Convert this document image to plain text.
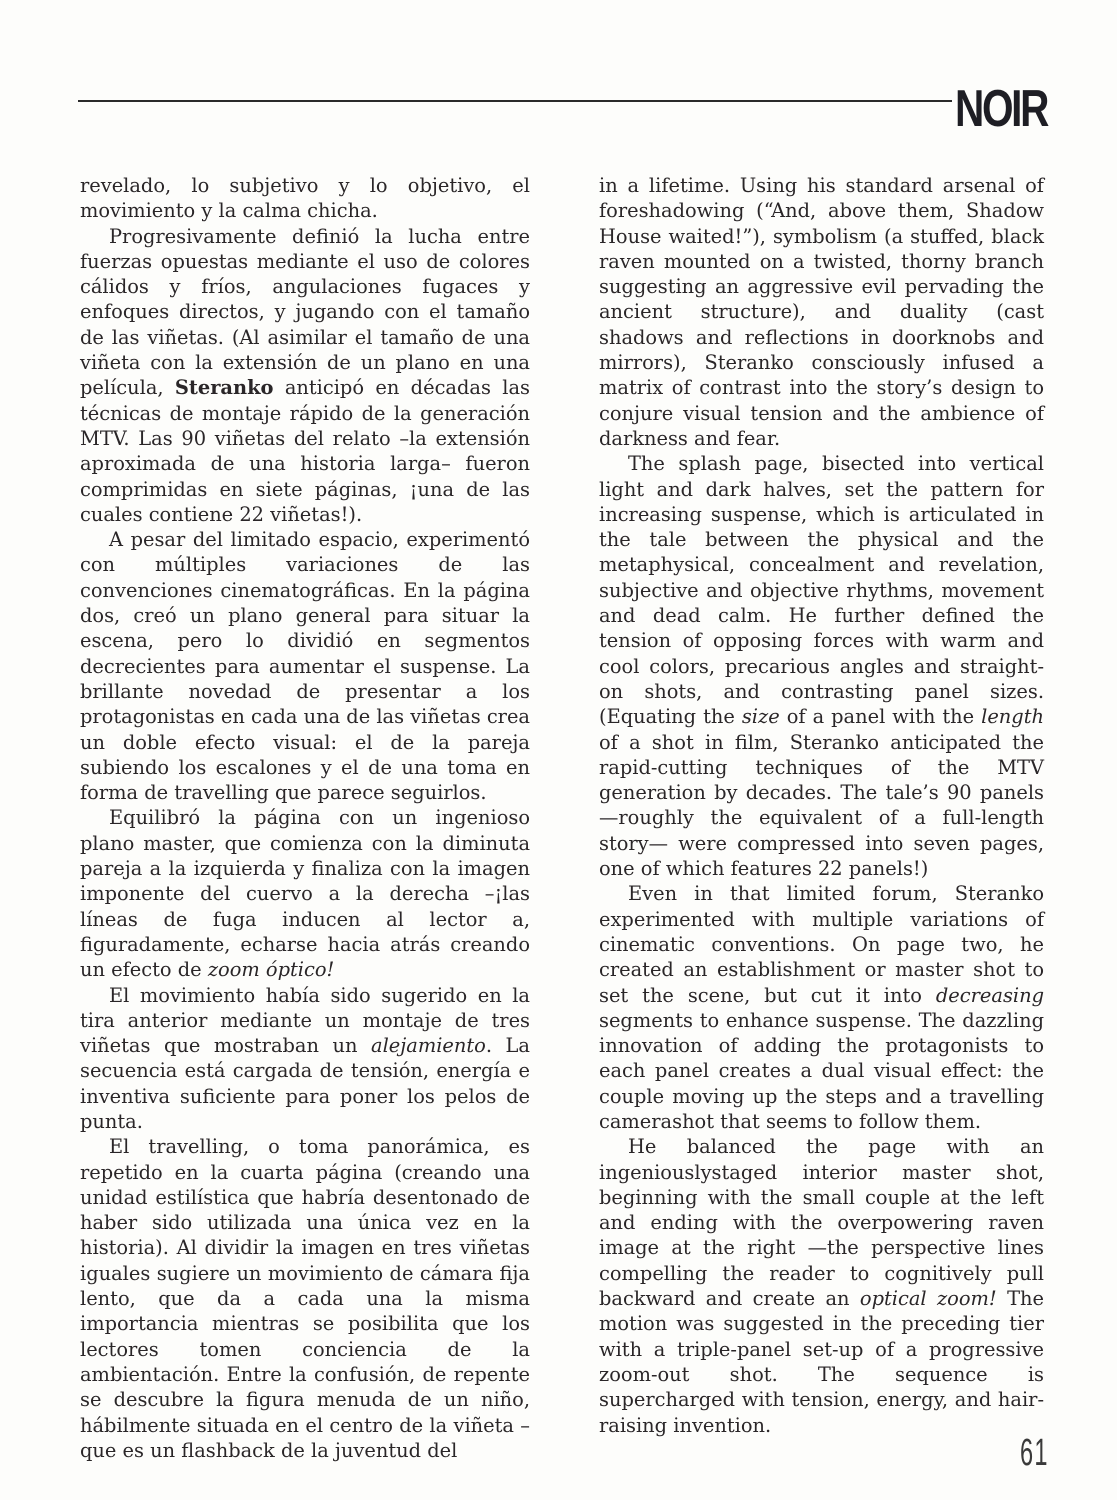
NOIR

revelado, lo subjetivo y lo objetivo, el movimiento y la calma chicha.

Progresivamente definió la lucha entre fuerzas opuestas mediante el uso de colores cálidos y fríos, angulaciones fugaces y enfoques directos, y jugando con el tamaño de las viñetas. (Al asimilar el tamaño de una viñeta con la extensión de un plano en una película, Steranko anticipó en décadas las técnicas de montaje rápido de la generación MTV. Las 90 viñetas del relato –la extensión aproximada de una historia larga– fueron comprimidas en siete páginas, ¡una de las cuales contiene 22 viñetas!).

A pesar del limitado espacio, experimentó con múltiples variaciones de las convenciones cinematográficas. En la página dos, creó un plano general para situar la escena, pero lo dividió en segmentos decrecientes para aumentar el suspense. La brillante novedad de presentar a los protagonistas en cada una de las viñetas crea un doble efecto visual: el de la pareja subiendo los escalones y el de una toma en forma de travelling que parece seguirlos.

Equilibró la página con un ingenioso plano master, que comienza con la diminuta pareja a la izquierda y finaliza con la imagen imponente del cuervo a la derecha –¡las líneas de fuga inducen al lector a, figuradamente, echarse hacia atrás creando un efecto de zoom óptico!

El movimiento había sido sugerido en la tira anterior mediante un montaje de tres viñetas que mostraban un alejamiento. La secuencia está cargada de tensión, energía e inventiva suficiente para poner los pelos de punta.

El travelling, o toma panorámica, es repetido en la cuarta página (creando una unidad estilística que habría desentonado de haber sido utilizada una única vez en la historia). Al dividir la imagen en tres viñetas iguales sugiere un movimiento de cámara fija lento, que da a cada una la misma importancia mientras se posibilita que los lectores tomen conciencia de la ambientación. Entre la confusión, de repente se descubre la figura menuda de un niño, hábilmente situada en el centro de la viñeta –que es un flashback de la juventud del

in a lifetime. Using his standard arsenal of foreshadowing (“And, above them, Shadow House waited!”), symbolism (a stuffed, black raven mounted on a twisted, thorny branch suggesting an aggressive evil pervading the ancient structure), and duality (cast shadows and reflections in doorknobs and mirrors), Steranko consciously infused a matrix of contrast into the story’s design to conjure visual tension and the ambience of darkness and fear.

The splash page, bisected into vertical light and dark halves, set the pattern for increasing suspense, which is articulated in the tale between the physical and the metaphysical, concealment and revelation, subjective and objective rhythms, movement and dead calm. He further defined the tension of opposing forces with warm and cool colors, precarious angles and straight-on shots, and contrasting panel sizes. (Equating the size of a panel with the length of a shot in film, Steranko anticipated the rapid-cutting techniques of the MTV generation by decades. The tale’s 90 panels —roughly the equivalent of a full-length story— were compressed into seven pages, one of which features 22 panels!)

Even in that limited forum, Steranko experimented with multiple variations of cinematic conventions. On page two, he created an establishment or master shot to set the scene, but cut it into decreasing segments to enhance suspense. The dazzling innovation of adding the protagonists to each panel creates a dual visual effect: the couple moving up the steps and a travelling camerashot that seems to follow them.

He balanced the page with an ingeniouslystaged interior master shot, beginning with the small couple at the left and ending with the overpowering raven image at the right —the perspective lines compelling the reader to cognitively pull backward and create an optical zoom! The motion was suggested in the preceding tier with a triple-panel set-up of a progressive zoom-out shot. The sequence is supercharged with tension, energy, and hairraising invention.

61
